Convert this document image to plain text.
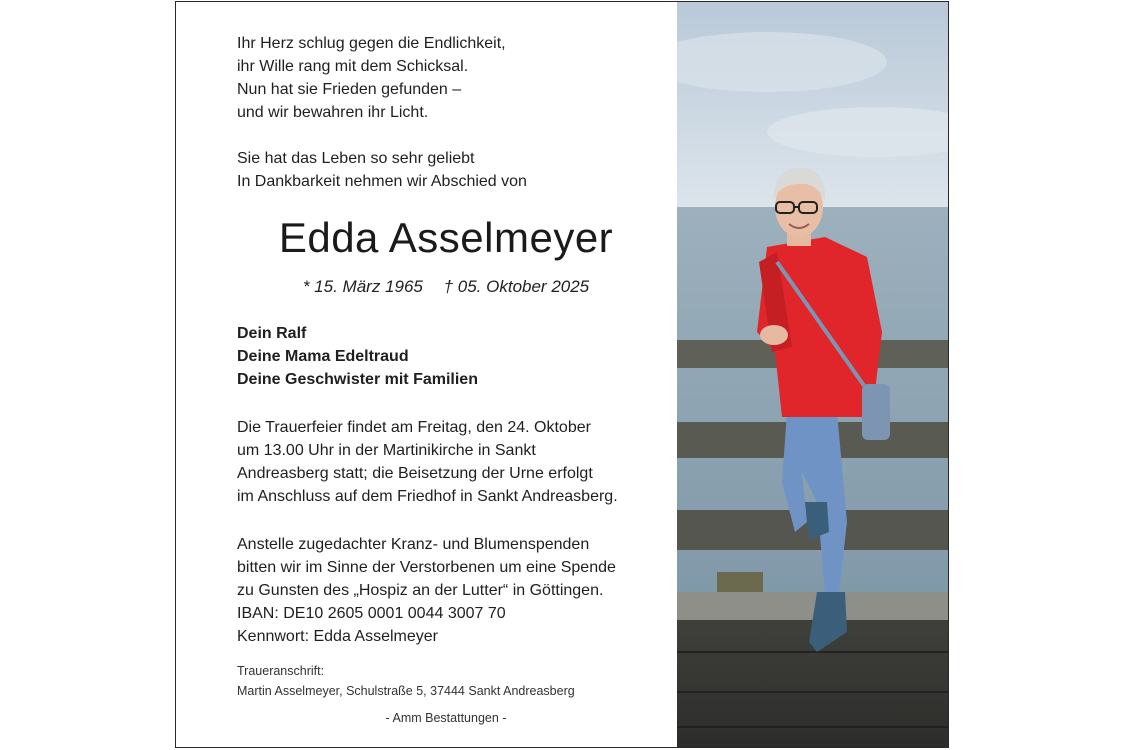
Ihr Herz schlug gegen die Endlichkeit,
ihr Wille rang mit dem Schicksal.
Nun hat sie Frieden gefunden –
und wir bewahren ihr Licht.
Sie hat das Leben so sehr geliebt
In Dankbarkeit nehmen wir Abschied von
Edda Asselmeyer
* 15. März 1965 † 05. Oktober 2025
Dein Ralf
Deine Mama Edeltraud
Deine Geschwister mit Familien
Die Trauerfeier findet am Freitag, den 24. Oktober
um 13.00 Uhr in der Martinikirche in Sankt
Andreasberg statt; die Beisetzung der Urne erfolgt
im Anschluss auf dem Friedhof in Sankt Andreasberg.
Anstelle zugedachter Kranz- und Blumenspenden
bitten wir im Sinne der Verstorbenen um eine Spende
zu Gunsten des „Hospiz an der Lutter“ in Göttingen.
IBAN: DE10 2605 0001 0044 3007 70
Kennwort: Edda Asselmeyer
Traueranschrift:
Martin Asselmeyer, Schulstraße 5, 37444 Sankt Andreasberg
- Amm Bestattungen -
